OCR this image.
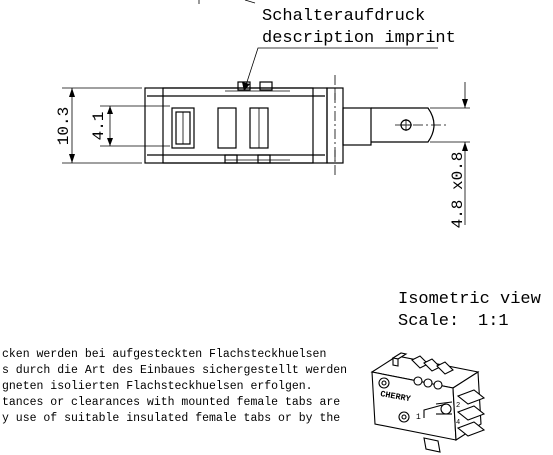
Schalteraufdruck
description imprint
10.3 4.1
4.8 x0.8
Isometric view
Scale: 1:1
cken werden bei aufgesteckten Flachsteckhuelsen
s durch die Art des Einbaues sichergestellt werden
gneten isolierten Flachsteckhuelsen erfolgen.
tances or clearances with mounted female tabs are
y use of suitable insulated female tabs or by the
CHERRY
1
2
4
